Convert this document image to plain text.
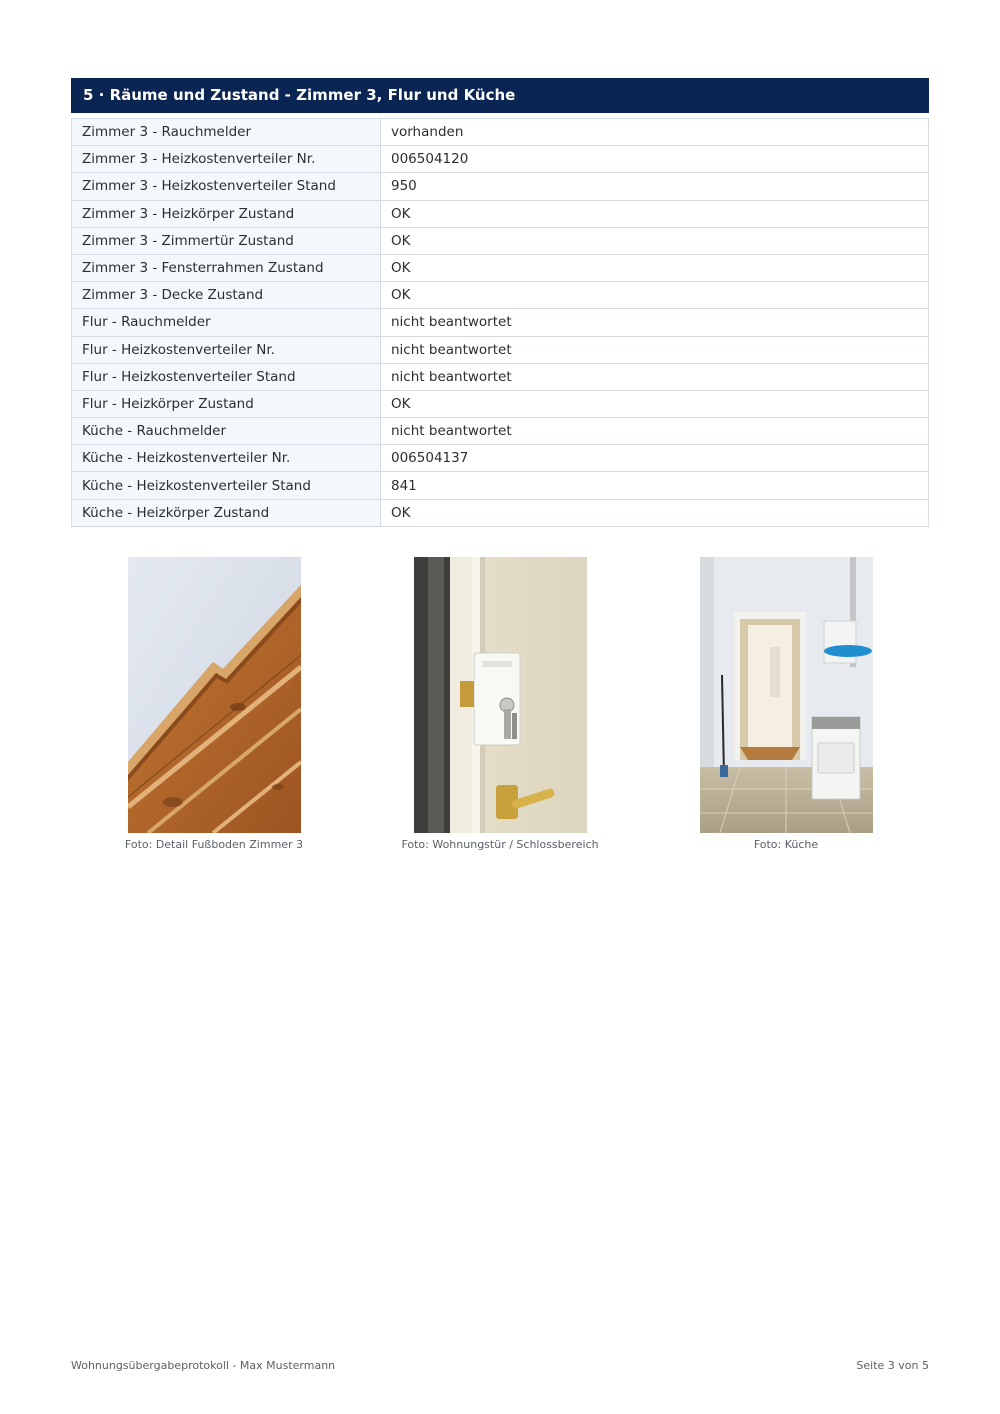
5 · Räume und Zustand - Zimmer 3, Flur und Küche
Zimmer 3 - Rauchmelder	vorhanden
Zimmer 3 - Heizkostenverteiler Nr.	006504120
Zimmer 3 - Heizkostenverteiler Stand	950
Zimmer 3 - Heizkörper Zustand	OK
Zimmer 3 - Zimmertür Zustand	OK
Zimmer 3 - Fensterrahmen Zustand	OK
Zimmer 3 - Decke Zustand	OK
Flur - Rauchmelder	nicht beantwortet
Flur - Heizkostenverteiler Nr.	nicht beantwortet
Flur - Heizkostenverteiler Stand	nicht beantwortet
Flur - Heizkörper Zustand	OK
Küche - Rauchmelder	nicht beantwortet
Küche - Heizkostenverteiler Nr.	006504137
Küche - Heizkostenverteiler Stand	841
Küche - Heizkörper Zustand	OK
Foto: Detail Fußboden Zimmer 3	Foto: Wohnungstür / Schlossbereich	Foto: Küche
Wohnungsübergabeprotokoll - Max Mustermann	Seite 3 von 5
